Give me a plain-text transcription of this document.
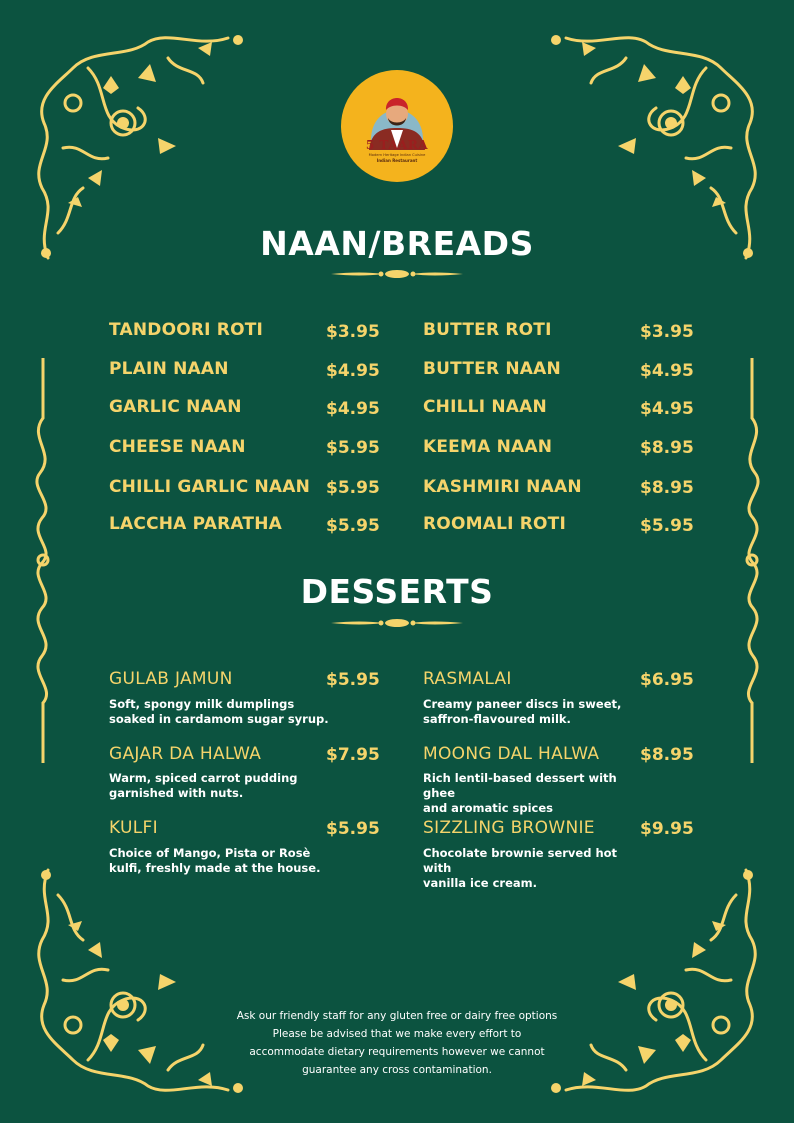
5 TAARA
Modern Heritage Indian Cuisine
Indian Restaurant
NAAN/BREADS
TANDOORI ROTI	$3.95
PLAIN NAAN	$4.95
GARLIC NAAN	$4.95
CHEESE NAAN	$5.95
CHILLI GARLIC NAAN $5.95
LACCHA PARATHA	$5.95
BUTTER ROTI	$3.95
BUTTER NAAN	$4.95
CHILLI NAAN	$4.95
KEEMA NAAN	$8.95
KASHMIRI NAAN	$8.95
ROOMALI ROTI	$5.95
DESSERTS
GULAB JAMUN	$5.95
Soft, spongy milk dumplings
soaked in cardamom sugar syrup.
GAJAR DA HALWA	$7.95
Warm, spiced carrot pudding
garnished with nuts.
KULFI	$5.95
Choice of Mango, Pista or Rosè
kulfi, freshly made at the house.
RASMALAI	$6.95
Creamy paneer discs in sweet,
saffron-flavoured milk.
MOONG DAL HALWA $8.95
Rich lentil-based dessert with ghee
and aromatic spices
SIZZLING BROWNIE	$9.95
Chocolate brownie served hot with
vanilla ice cream.
Ask our friendly staff for any gluten free or dairy free options
Please be advised that we make every effort to
accommodate dietary requirements however we cannot
guarantee any cross contamination.
